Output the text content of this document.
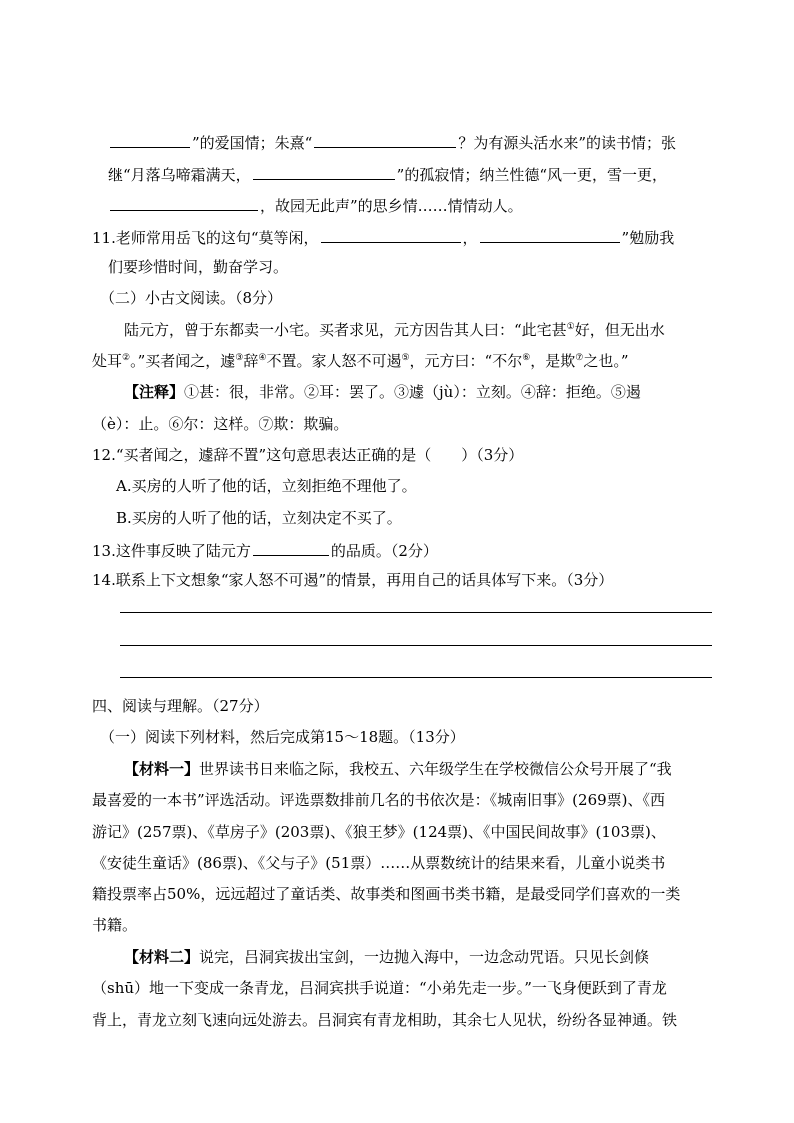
”的爱国情；朱熹“	？为有源头活水来”的读书情；张
继“月落乌啼霜满天，	”的孤寂情；纳兰性德“风一更，雪一更，
，故园无此声”的思乡情……情情动人。
11.老师常用岳飞的这句“莫等闲，	，	”勉励我
们要珍惜时间，勤奋学习。
（二）小古文阅读。（8分）
陆元方，曾于东都卖一小宅。买者求见，元方因告其人曰：“此宅甚①好，但无出水
处耳②。”买者闻之，遽③辞④不置。家人怒不可遏⑤，元方曰：“不尔⑥，是欺⑦之也。”
【注释】①甚：很，非常。②耳：罢了。③遽（jù）：立刻。④辞：拒绝。⑤遏
（è）：止。⑥尔：这样。⑦欺：欺骗。
12.“买者闻之，遽辞不置”这句意思表达正确的是（　　）（3分）
A.买房的人听了他的话，立刻拒绝不理他了。
B.买房的人听了他的话，立刻决定不买了。
13.这件事反映了陆元方	的品质。（2分）
14.联系上下文想象“家人怒不可遏”的情景，再用自己的话具体写下来。（3分）
四、阅读与理解。（27分）
（一）阅读下列材料，然后完成第15～18题。（13分）
【材料一】世界读书日来临之际，我校五、六年级学生在学校微信公众号开展了“我
最喜爱的一本书”评选活动。评选票数排前几名的书依次是：《城南旧事》(269票)、《西
游记》(257票)、《草房子》(203票)、《狼王梦》(124票)、《中国民间故事》(103票)、
《安徒生童话》(86票)、《父与子》(51票）……从票数统计的结果来看，儿童小说类书
籍投票率占50%，远远超过了童话类、故事类和图画书类书籍，是最受同学们喜欢的一类
书籍。
【材料二】说完，吕洞宾拔出宝剑，一边抛入海中，一边念动咒语。只见长剑倏
（shū）地一下变成一条青龙，吕洞宾拱手说道：“小弟先走一步。”一飞身便跃到了青龙
背上，青龙立刻飞速向远处游去。吕洞宾有青龙相助，其余七人见状，纷纷各显神通。铁
